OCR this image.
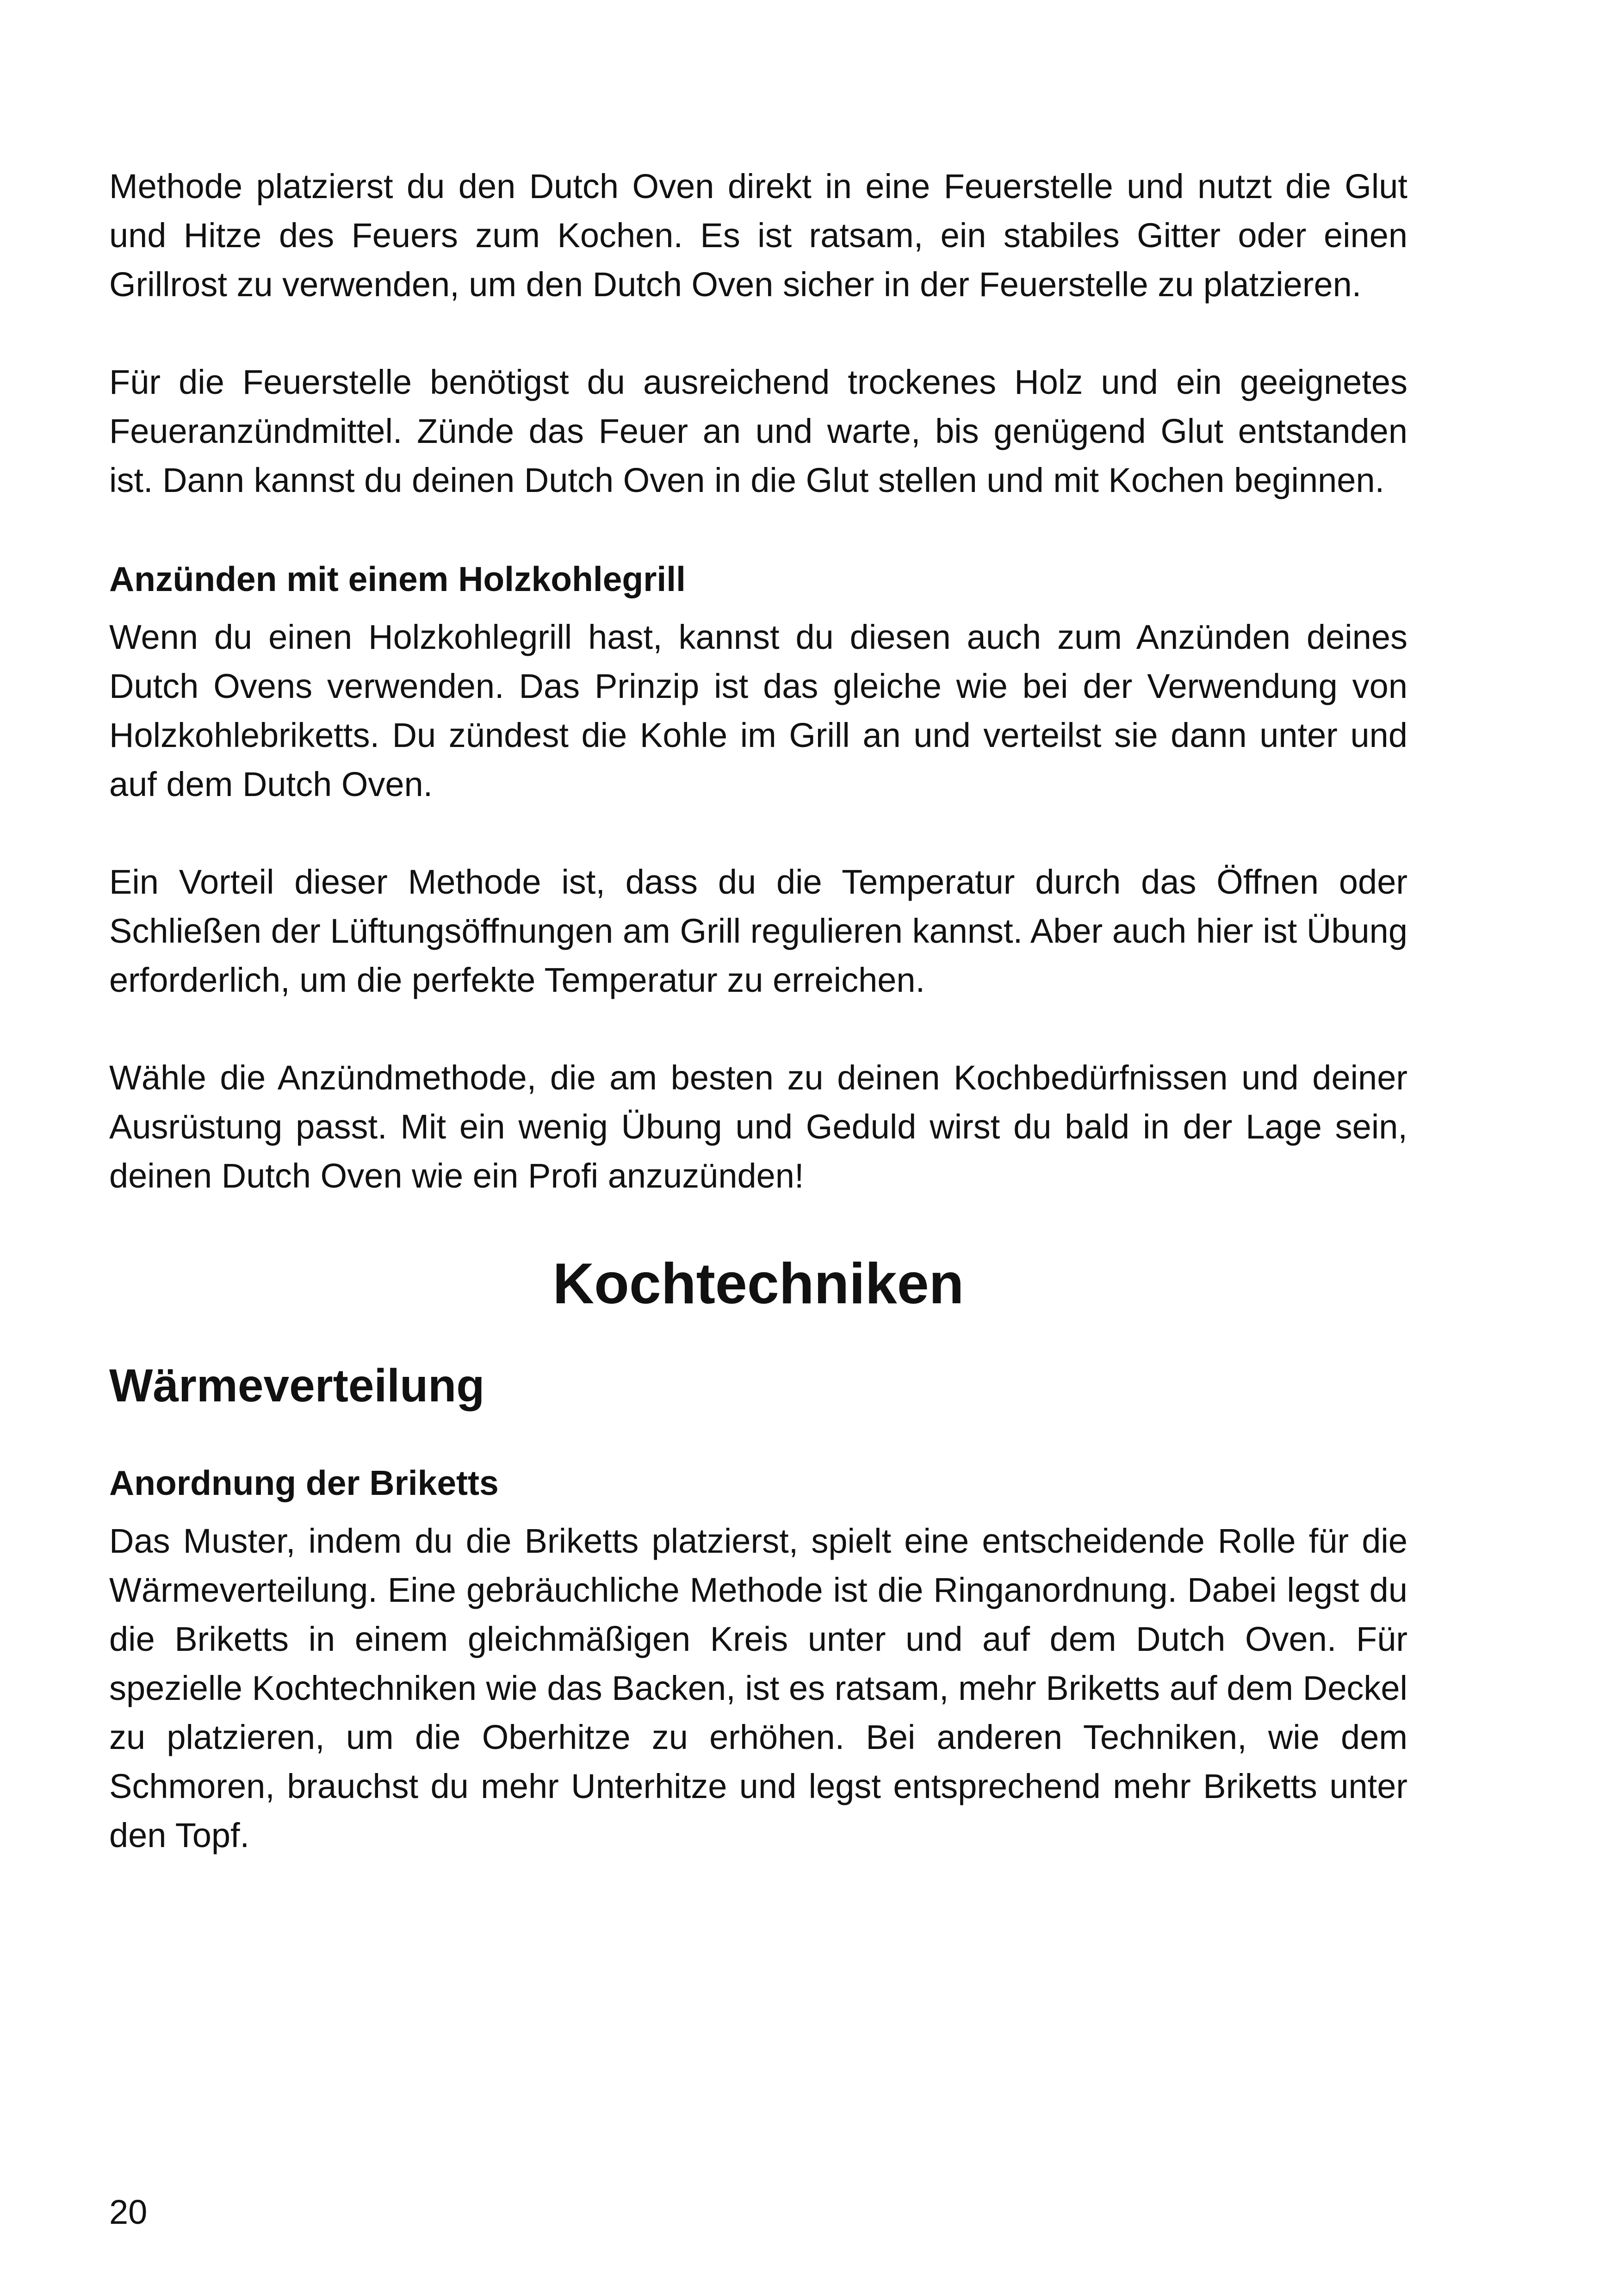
Methode platzierst du den Dutch Oven direkt in eine Feuerstelle und nutzt die Glut und Hitze des Feuers zum Kochen. Es ist ratsam, ein stabiles Gitter oder einen Grillrost zu verwenden, um den Dutch Oven sicher in der Feuerstelle zu platzieren.

Für die Feuerstelle benötigst du ausreichend trockenes Holz und ein geeignetes Feueranzündmittel. Zünde das Feuer an und warte, bis genügend Glut entstanden ist. Dann kannst du deinen Dutch Oven in die Glut stellen und mit Kochen beginnen.

Anzünden mit einem Holzkohlegrill

Wenn du einen Holzkohlegrill hast, kannst du diesen auch zum Anzünden deines Dutch Ovens verwenden. Das Prinzip ist das gleiche wie bei der Verwendung von Holzkohlebriketts. Du zündest die Kohle im Grill an und verteilst sie dann unter und auf dem Dutch Oven.

Ein Vorteil dieser Methode ist, dass du die Temperatur durch das Öffnen oder Schließen der Lüftungsöffnungen am Grill regulieren kannst. Aber auch hier ist Übung erforderlich, um die perfekte Temperatur zu erreichen.

Wähle die Anzündmethode, die am besten zu deinen Kochbedürfnissen und deiner Ausrüstung passt. Mit ein wenig Übung und Geduld wirst du bald in der Lage sein, deinen Dutch Oven wie ein Profi anzuzünden!

Kochtechniken
Wärmeverteilung
Anordnung der Briketts

Das Muster, indem du die Briketts platzierst, spielt eine entscheidende Rolle für die Wärmeverteilung. Eine gebräuchliche Methode ist die Ringanordnung. Dabei legst du die Briketts in einem gleichmäßigen Kreis unter und auf dem Dutch Oven. Für spezielle Kochtechniken wie das Backen, ist es ratsam, mehr Briketts auf dem Deckel zu platzieren, um die Oberhitze zu erhöhen. Bei anderen Techniken, wie dem Schmoren, brauchst du mehr Unterhitze und legst entsprechend mehr Briketts unter den Topf.

20
